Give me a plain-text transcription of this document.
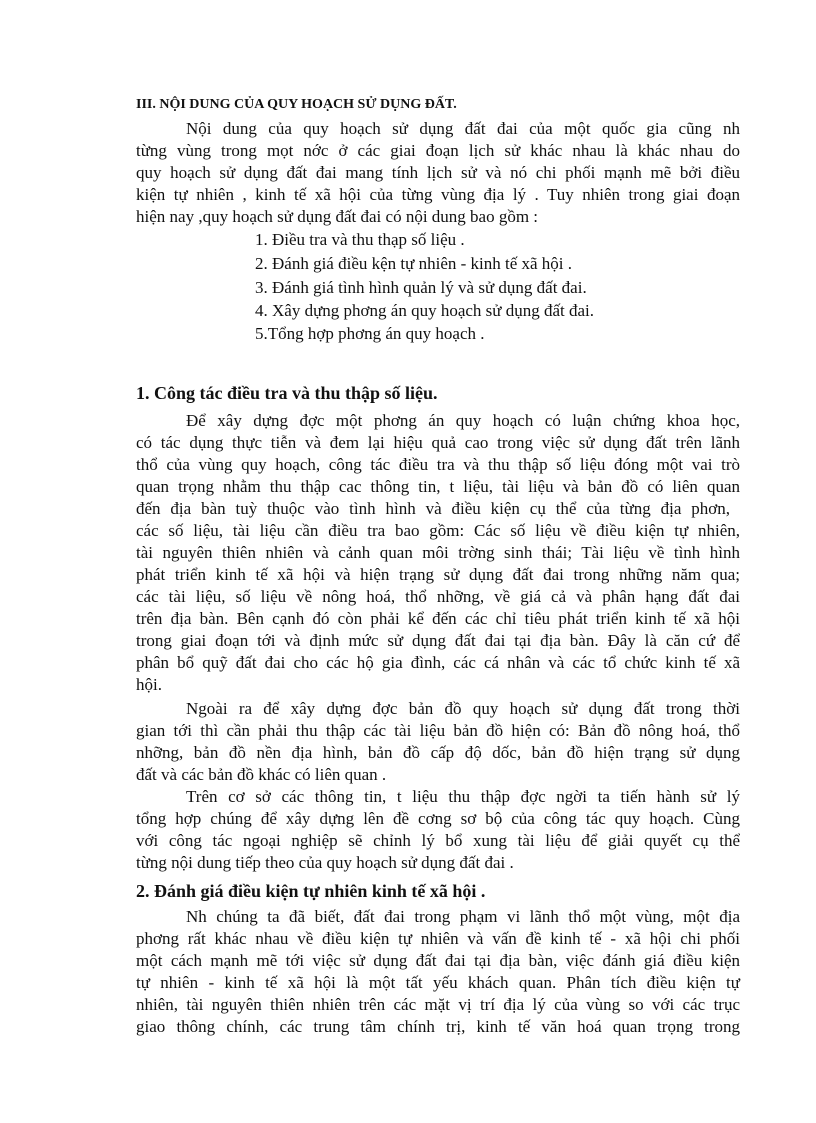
III. NỘI DUNG CỦA QUY HOẠCH SỬ DỤNG ĐẤT.
Nội dung của quy hoạch sử dụng đất đai của một quốc gia cũng nh
từng vùng trong mọt nớc ở các giai đoạn lịch sử khác nhau là khác nhau do
quy hoạch sử dụng đất đai mang tính lịch sử và nó chi phối mạnh mẽ bởi điều
kiện tự nhiên , kinh tế xã hội của từng vùng địa lý . Tuy nhiên trong giai đoạn
hiện nay ,quy hoạch sử dụng đất đai có nội dung bao gồm :
1. Điều tra và thu thạp số liệu .
2. Đánh giá điều kện tự nhiên - kinh tế xã hội .
3. Đánh giá tình hình quản lý và sử dụng đất đai.
4. Xây dựng phơng án quy hoạch sử dụng đất đai.
5.Tổng hợp phơng án quy hoạch .
1. Công tác điều tra và thu thập số liệu.
Để xây dựng đợc một phơng án quy hoạch có luận chứng khoa học,
có tác dụng thực tiễn và đem lại hiệu quả cao trong việc sử dụng đất trên lãnh
thổ của vùng quy hoạch, công tác điều tra và thu thập số liệu đóng một vai trò
quan trọng nhằm thu thập cac thông tin, t liệu, tài liệu và bản đồ có liên quan
đến địa bàn tuỳ thuộc vào tình hình và điều kiện cụ thể của từng địa phơn,
các số liệu, tài liệu cần điều tra bao gồm: Các số liệu về điều kiện tự nhiên,
tài nguyên thiên nhiên và cảnh quan môi trờng sinh thái; Tài liệu về tình hình
phát triển kinh tế xã hội và hiện trạng sử dụng đất đai trong những năm qua;
các tài liệu, số liệu về nông hoá, thổ nhỡng, về giá cả và phân hạng đất đai
trên địa bàn. Bên cạnh đó còn phải kể đến các chỉ tiêu phát triển kinh tế xã hội
trong giai đoạn tới và định mức sử dụng đất đai tại địa bàn. Đây là căn cứ để
phân bổ quỹ đất đai cho các hộ gia đình, các cá nhân và các tổ chức kinh tế xã
hội.
Ngoài ra để xây dựng đợc bản đồ quy hoạch sử dụng đất trong thời
gian tới thì cần phải thu thập các tài liệu bản đồ hiện có: Bản đồ nông hoá, thổ
nhỡng, bản đồ nền địa hình, bản đồ cấp độ dốc, bản đồ hiện trạng sử dụng
đất và các bản đồ khác có liên quan .
Trên cơ sở các thông tin, t liệu thu thập đợc ngời ta tiến hành sử lý
tổng hợp chúng để xây dựng lên đề cơng sơ bộ của công tác quy hoạch. Cùng
với công tác ngoại nghiệp sẽ chỉnh lý bổ xung tài liệu để giải quyết cụ thể
từng nội dung tiếp theo của quy hoạch sử dụng đất đai .
2. Đánh giá điều kiện tự nhiên kinh tế xã hội .
Nh chúng ta đã biết, đất đai trong phạm vi lãnh thổ một vùng, một địa
phơng rất khác nhau về điều kiện tự nhiên và vấn đề kinh tế - xã hội chi phối
một cách mạnh mẽ tới việc sử dụng đất đai tại địa bàn, việc đánh giá điều kiện
tự nhiên - kinh tế xã hội là một tất yếu khách quan. Phân tích điều kiện tự
nhiên, tài nguyên thiên nhiên trên các mặt vị trí địa lý của vùng so với các trục
giao thông chính, các trung tâm chính trị, kinh tế văn hoá quan trọng trong
